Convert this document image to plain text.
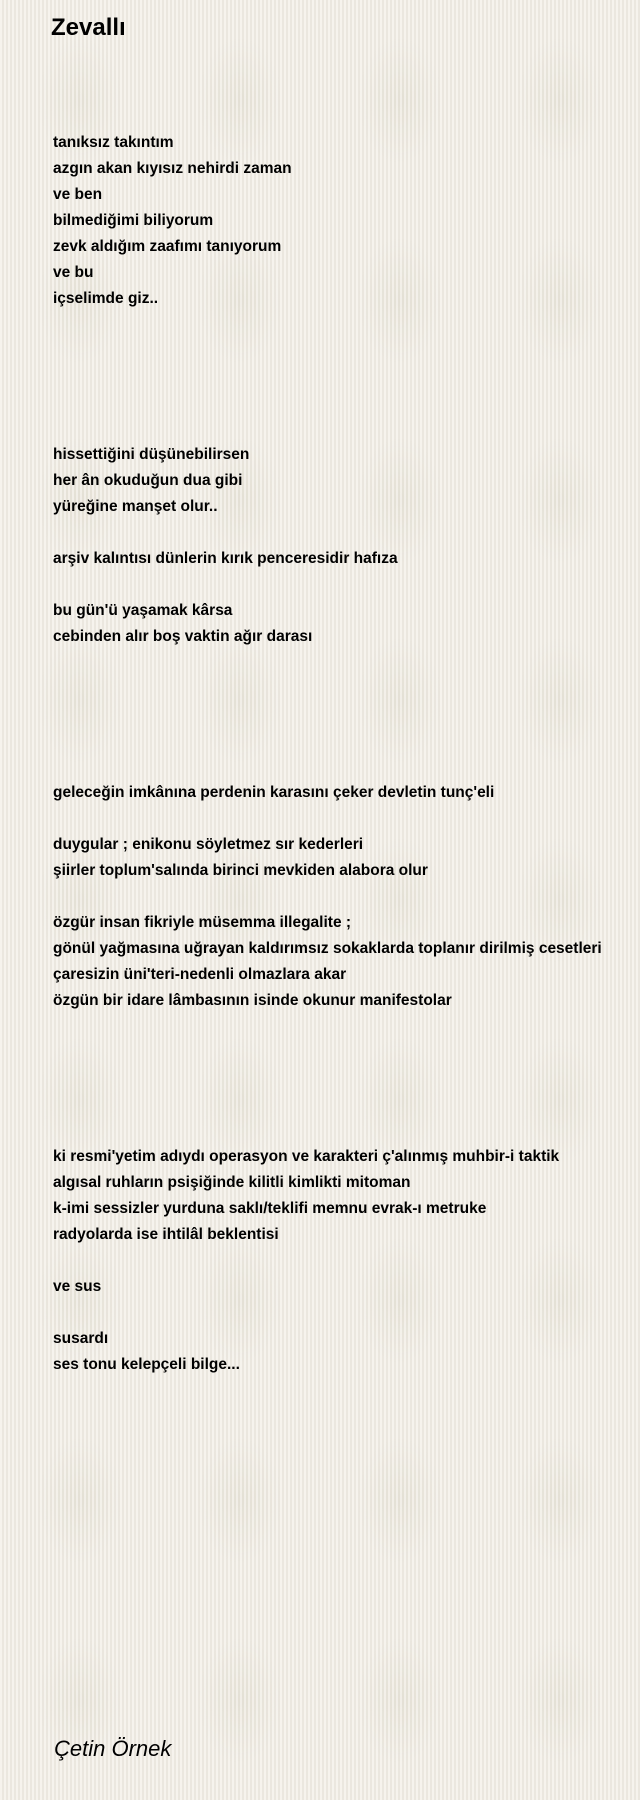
Zevallı
tanıksız takıntım
azgın akan kıyısız nehirdi zaman
ve ben
bilmediğimi biliyorum
zevk aldığım zaafımı tanıyorum
ve bu
içselimde giz..
hissettiğini düşünebilirsen
her ân okuduğun dua gibi
yüreğine manşet olur..
arşiv kalıntısı dünlerin kırık penceresidir hafıza
bu gün'ü yaşamak kârsa
cebinden alır boş vaktin ağır darası
geleceğin imkânına perdenin karasını çeker devletin tunç'eli
duygular ; enikonu söyletmez sır kederleri
şiirler toplum'salında birinci mevkiden alabora olur
özgür insan fikriyle müsemma illegalite ;
gönül yağmasına uğrayan kaldırımsız sokaklarda toplanır dirilmiş cesetleri
çaresizin üni'teri-nedenli olmazlara akar
özgün bir idare lâmbasının isinde okunur manifestolar
ki resmi'yetim adıydı operasyon ve karakteri ç'alınmış muhbir-i taktik
algısal ruhların psişiğinde kilitli kimlikti mitoman
k-imi sessizler yurduna saklı/teklifi memnu evrak-ı metruke
radyolarda ise ihtilâl beklentisi
ve sus
susardı
ses tonu kelepçeli bilge...
Çetin Örnek
